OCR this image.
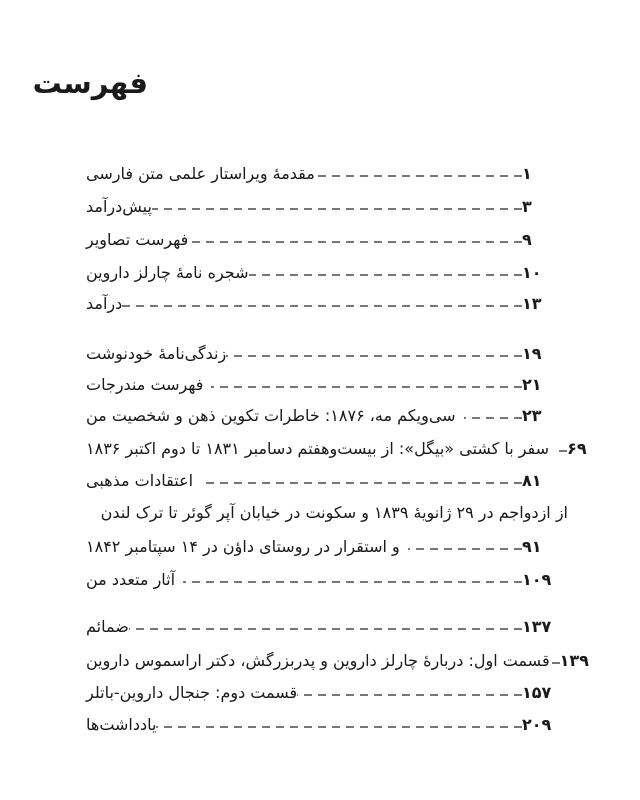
فهرست
مقدمهٔ ویراستار علمی متن فارسی	۱
پیش‌درآمد	۳
فهرست تصاویر	۹
شجره نامهٔ چارلز داروین	۱۰
درآمد	۱۳
زندگی‌نامهٔ خودنوشت	۱۹
فهرست مندرجات	۲۱
سی‌ویکم مه، ۱۸۷۶: خاطرات تکوین ذهن و شخصیت من	۲۳
سفر با کشتی «بیگل»: از بیست‌وهفتم دسامبر ۱۸۳۱ تا دوم اکتبر ۱۸۳۶	۶۹
اعتقادات مذهبی	۸۱
از ازدواجم در ۲۹ ژانویهٔ ۱۸۳۹ و سکونت در خیابان آپر گوئر تا ترک لندن
و استقرار در روستای داؤن در ۱۴ سپتامبر ۱۸۴۲	۹۱
آثار متعدد من	۱۰۹
ضمائم	۱۳۷
قسمت اول: دربارهٔ چارلز داروین و پدربزرگش، دکتر اراسموس داروین ۱۳۹
قسمت دوم: جنجال داروین-باتلر	۱۵۷
یادداشت‌ها	۲۰۹
